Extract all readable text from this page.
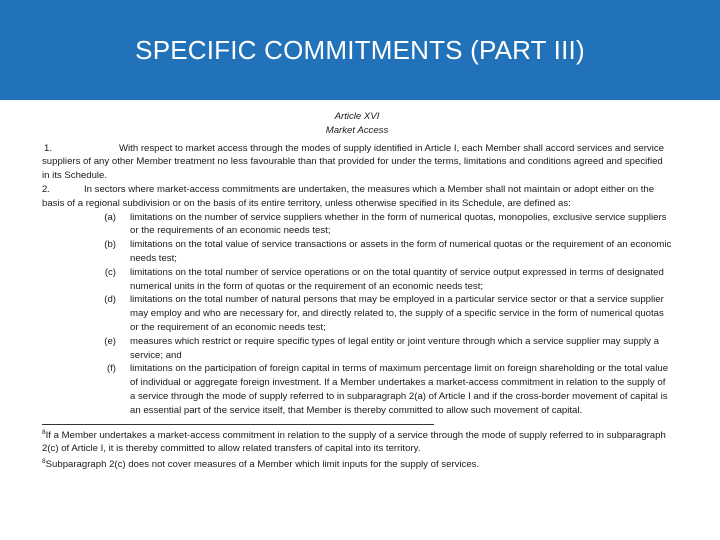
SPECIFIC COMMITMENTS (PART III)
Article XVI
Market Access

1.	With respect to market access through the modes of supply identified in Article I, each Member shall accord services and service suppliers of any other Member treatment no less favourable than that provided for under the terms, limitations and conditions agreed and specified in its Schedule.

2.	In sectors where market-access commitments are undertaken, the measures which a Member shall not maintain or adopt either on the basis of a regional subdivision or on the basis of its entire territory, unless otherwise specified in its Schedule, are defined as:

(a) limitations on the number of service suppliers whether in the form of numerical quotas, monopolies, exclusive service suppliers or the requirements of an economic needs test;
(b) limitations on the total value of service transactions or assets in the form of numerical quotas or the requirement of an economic needs test;
(c) limitations on the total number of service operations or on the total quantity of service output expressed in terms of designated numerical units in the form of quotas or the requirement of an economic needs test;
(d) limitations on the total number of natural persons that may be employed in a particular service sector or that a service supplier may employ and who are necessary for, and directly related to, the supply of a specific service in the form of numerical quotas or the requirement of an economic needs test;
(e) measures which restrict or require specific types of legal entity or joint venture through which a service supplier may supply a service; and
(f) limitations on the participation of foreign capital in terms of maximum percentage limit on foreign shareholding or the total value of individual or aggregate foreign investment. If a Member undertakes a market-access commitment in relation to the supply of a service through the mode of supply referred to in subparagraph 2(a) of Article I and if the cross-border movement of capital is an essential part of the service itself, that Member is thereby committed to allow such movement of capital.

$^8$If a Member undertakes a market-access commitment in relation to the supply of a service through the mode of supply referred to in subparagraph 2(c) of Article I, it is thereby committed to allow related transfers of capital into its territory.

$^8$Subparagraph 2(c) does not cover measures of a Member which limit inputs for the supply of services.
